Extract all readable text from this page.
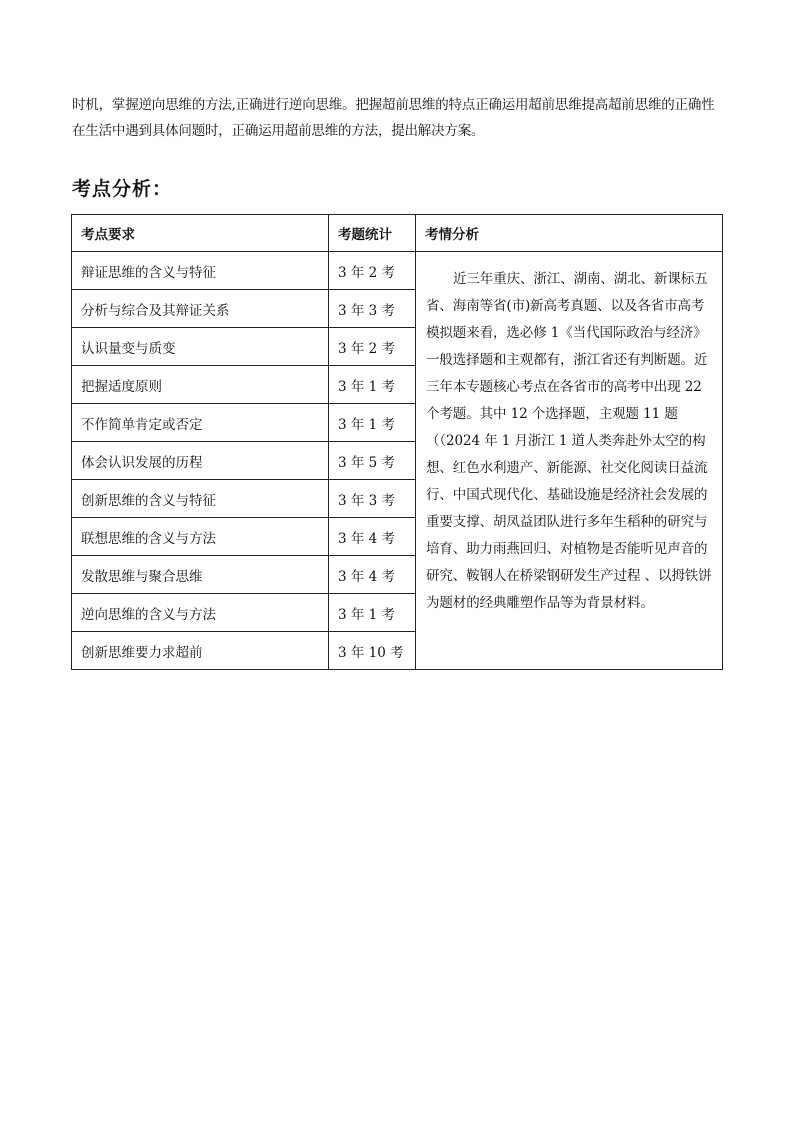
时机，掌握逆向思维的方法,正确进行逆向思维。把握超前思维的特点正确运用超前思维提高超前思维的正确性在生活中遇到具体问题时，正确运用超前思维的方法，提出解决方案。

考点分析：
考点要求	考题统计	考情分析
辩证思维的含义与特征	3 年 2 考	近三年重庆、浙江、湖南、湖北、新课标五省、海南等省(市)新高考真题、以及各省市高考模拟题来看，选必修 1《当代国际政治与经济》一般选择题和主观都有，浙江省还有判断题。近三年本专题核心考点在各省市的高考中出现 22 个考题。其中 12 个选择题，主观题 11 题（（2024 年 1 月浙江 1 道人类奔赴外太空的构想、红色水利遗产、新能源、社交化阅读日益流行、中国式现代化、基础设施是经济社会发展的重要支撑、胡凤益团队进行多年生稻种的研究与培育、助力雨燕回归、对植物是否能听见声音的研究、鞍钢人在桥梁钢研发生产过程 、以拇铁饼为题材的经典雕塑作品等为背景材料。
分析与综合及其辩证关系	3 年 3 考	
认识量变与质变	3 年 2 考	
把握适度原则	3 年 1 考	
不作简单肯定或否定	3 年 1 考	
体会认识发展的历程	3 年 5 考	
创新思维的含义与特征	3 年 3 考	
联想思维的含义与方法	3 年 4 考	
发散思维与聚合思维	3 年 4 考	
逆向思维的含义与方法	3 年 1 考	
创新思维要力求超前	3 年 10 考	
